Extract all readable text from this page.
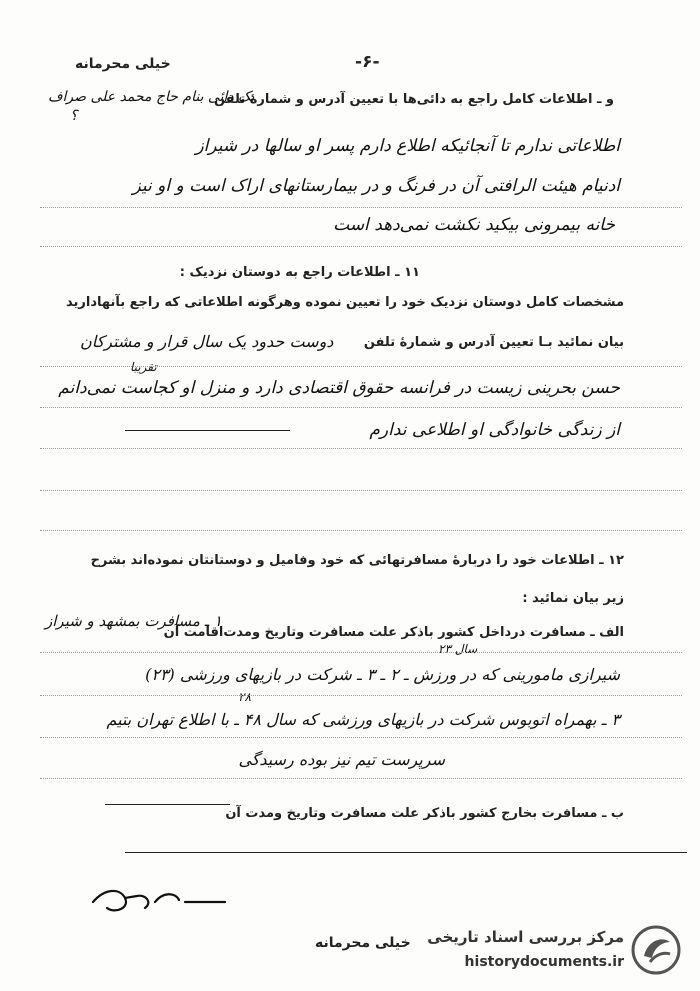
خیلی محرمانه	-۶-
و ـ اطلاعات کامل راجع به دائی‌ها با تعیین آدرس و شمارهٔ تلفن
یک دائی بنام حاج محمد علی صراف
؟
اطلاعاتی ندارم تا آنجائیکه اطلاع دارم پسر او سالها در شیراز
ادنیام هیئت الرافتی آن در فرنگ و در بیمارستانهای اراک است و او نیز
خانه بیمرونی بیکید نکشت نمی‌دهد است
۱۱ ـ اطلاعات راجع به دوستان نزدیک :
مشخصات کامل دوستان نزدیک خود را تعیین نموده وهرگونه اطلاعاتی که راجع بآنهادارید
بیان نمائید بـا تعیین آدرس و شمارهٔ تلفن
تقریبا
دوست حدود یک سال قرار و مشترکان
حسن بحرینی زیست در فرانسه حقوق اقتصادی دارد و منزل او کجاست نمی‌دانم
از زندگی خانوادگی او اطلاعی ندارم
۱۲ ـ اطلاعات خود را دربارهٔ مسافرتهائی که خود وفامیل و دوستانتان نموده‌اند بشرح
زیر بیان نمائید :
الف ـ مسافرت درداخل کشور باذکر علت مسافرت وتاریخ ومدت‌اقامت آن
۱ ـ مسافرت بمشهد و شیراز
سال ۲۳
شیرازی مامورینی که در ورزش ـ ۲ ـ ۳ ـ شرکت در بازیهای ورزشی (۲۳)
۲۸
۳ ـ بهمراه اتوبوس شرکت در بازیهای ورزشی که سال ۴۸ ـ با اطلاع تهران بتیم
سرپرست تیم نیز بوده رسیدگی
ب ـ مسافرت بخارج کشور باذکر علت مسافرت وتاریخ ومدت آن
خیلی محرمانه مرکز بررسی اسناد تاریخی
historydocuments.ir
